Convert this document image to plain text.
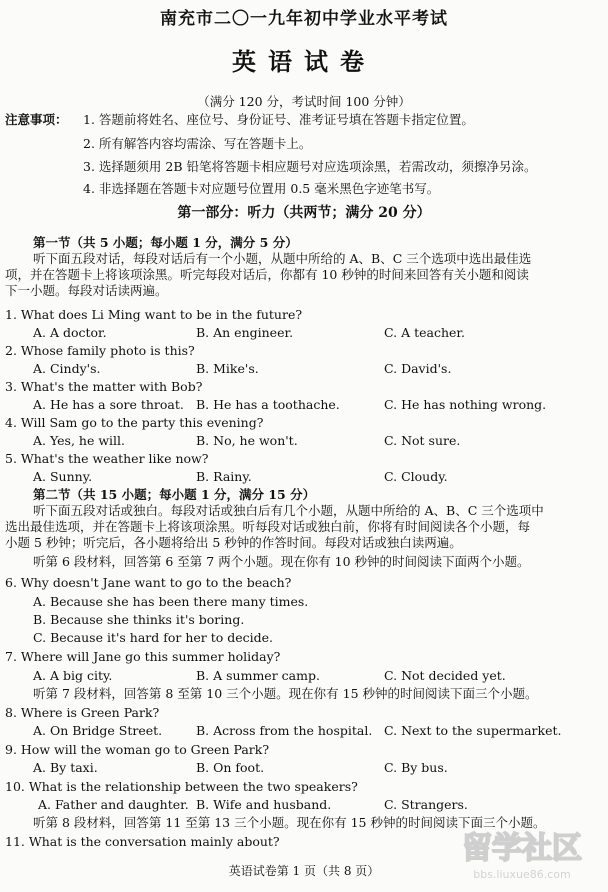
南充市二〇一九年初中学业水平考试
英语试卷
（满分 120 分，考试时间 100 分钟）
注意事项： 1. 答题前将姓名、座位号、身份证号、准考证号填在答题卡指定位置。
2. 所有解答内容均需涂、写在答题卡上。
3. 选择题须用 2B 铅笔将答题卡相应题号对应选项涂黑，若需改动，须擦净另涂。
4. 非选择题在答题卡对应题号位置用 0.5 毫米黑色字迹笔书写。
第一部分：听力（共两节；满分 20 分）
第一节（共 5 小题；每小题 1 分，满分 5 分）
听下面五段对话，每段对话后有一个小题，从题中所给的 A、B、C 三个选项中选出最佳选
项，并在答题卡上将该项涂黑。听完每段对话后，你都有 10 秒钟的时间来回答有关小题和阅读
下一小题。每段对话读两遍。
1. What does Li Ming want to be in the future?
A. A doctor.	B. An engineer.	C. A teacher.
2. Whose family photo is this?
A. Cindy's.	B. Mike's.	C. David's.
3. What's the matter with Bob?
A. He has a sore throat. B. He has a toothache.	C. He has nothing wrong.
4. Will Sam go to the party this evening?
A. Yes, he will.	B. No, he won't.	C. Not sure.
5. What's the weather like now?
A. Sunny.	B. Rainy.	C. Cloudy.
第二节（共 15 小题；每小题 1 分，满分 15 分）
听下面五段对话或独白。每段对话或独白后有几个小题，从题中所给的 A、B、C 三个选项中
选出最佳选项，并在答题卡上将该项涂黑。听每段对话或独白前，你将有时间阅读各个小题，每
小题 5 秒钟；听完后，各小题将给出 5 秒钟的作答时间。每段对话或独白读两遍。
听第 6 段材料，回答第 6 至第 7 两个小题。现在你有 10 秒钟的时间阅读下面两个小题。
6. Why doesn't Jane want to go to the beach?
A. Because she has been there many times.
B. Because she thinks it's boring.
C. Because it's hard for her to decide.
7. Where will Jane go this summer holiday?
A. A big city.	B. A summer camp.	C. Not decided yet.
听第 7 段材料，回答第 8 至第 10 三个小题。现在你有 15 秒钟的时间阅读下面三个小题。
8. Where is Green Park?
A. On Bridge Street.	B. Across from the hospital. C. Next to the supermarket.
9. How will the woman go to Green Park?
A. By taxi.	B. On foot.	C. By bus.
10. What is the relationship between the two speakers?
A. Father and daughter. B. Wife and husband.	C. Strangers.
听第 8 段材料，回答第 11 至第 13 三个小题。现在你有 15 秒钟的时间阅读下面三个小题。
11. What is the conversation mainly about?
英语试卷第 1 页（共 8 页）
留学社区
bbs.liuxue86.com
